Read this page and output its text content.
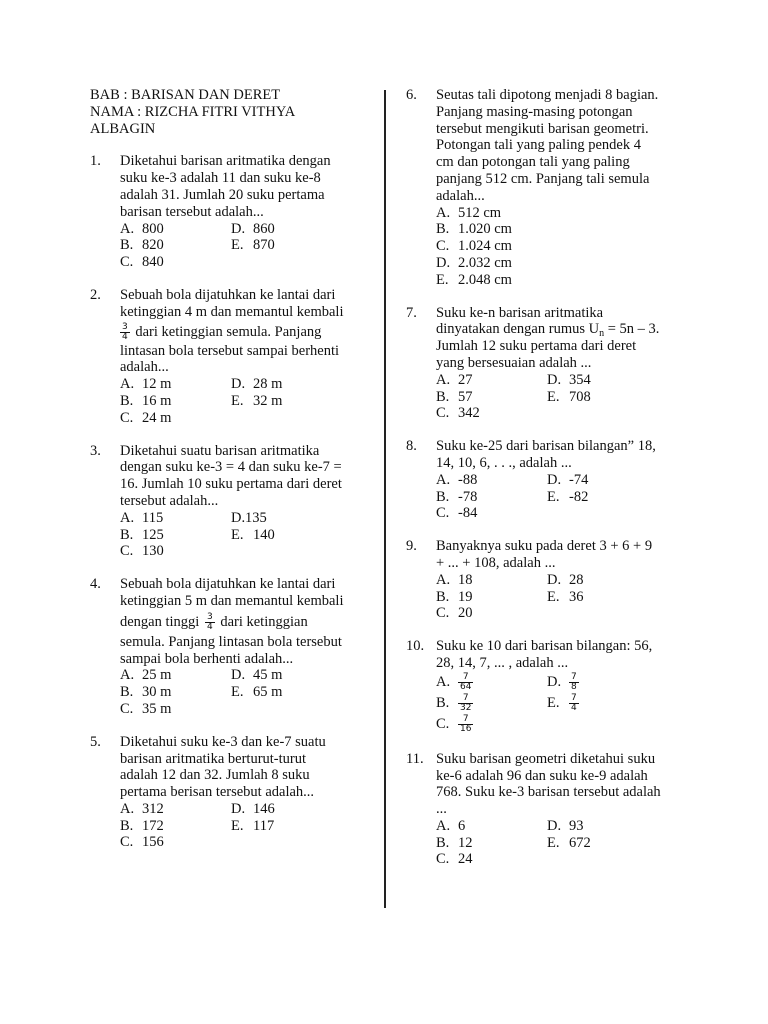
BAB : BARISAN DAN DERET
NAMA : RIZCHA FITRI VITHYA
ALBAGIN
1. Diketahui barisan aritmatika dengan
suku ke-3 adalah 11 dan suku ke-8
adalah 31. Jumlah 20 suku pertama
barisan tersebut adalah...
A. 800	D. 860
B. 820	E. 870
C. 840
2. Sebuah bola dijatuhkan ke lantai dari
ketinggian 4 m dan memantul kembali
$\frac{3}{4}$ dari ketinggian semula. Panjang
lintasan bola tersebut sampai berhenti
adalah...
A. 12 m	D. 28 m
B. 16 m	E. 32 m
C. 24 m
3. Diketahui suatu barisan aritmatika
dengan suku ke-3 = 4 dan suku ke-7 =
16. Jumlah 10 suku pertama dari deret
tersebut adalah...
A. 115	D. 135
B. 125	E. 140
C. 130
4. Sebuah bola dijatuhkan ke lantai dari
ketinggian 5 m dan memantul kembali
dengan tinggi $\frac{3}{4}$ dari ketinggian
semula. Panjang lintasan bola tersebut
sampai bola berhenti adalah...
A. 25 m	D. 45 m
B. 30 m	E. 65 m
C. 35 m
5. Diketahui suku ke-3 dan ke-7 suatu
barisan aritmatika berturut-turut
adalah 12 dan 32. Jumlah 8 suku
pertama berisan tersebut adalah...
A. 312	D. 146
B. 172	E. 117
C. 156
6. Seutas tali dipotong menjadi 8 bagian.
Panjang masing-masing potongan
tersebut mengikuti barisan geometri.
Potongan tali yang paling pendek 4
cm dan potongan tali yang paling
panjang 512 cm. Panjang tali semula
adalah...
A. 512 cm
B. 1.020 cm
C. 1.024 cm
D. 2.032 cm
E. 2.048 cm
7. Suku ke-n barisan aritmatika
dinyatakan dengan rumus $U_n = 5n - 3$.
Jumlah 12 suku pertama dari deret
yang bersesuaian adalah ...
A. 27	D. 354
B. 57	E. 708
C. 342
8. Suku ke-25 dari barisan bilangan” 18,
14, 10, 6, . . ., adalah ...
A. -88	D. -74
B. -78	E. -82
C. -84
9. Banyaknya suku pada deret 3 + 6 + 9
+ ... + 108, adalah ...
A. 18	D. 28
B. 19	E. 36
C. 20
10. Suku ke 10 dari barisan bilangan: 56,
28, 14, 7, ... , adalah ...
A. $\frac{7}{64}$	D. $\frac{7}{8}$
B. $\frac{7}{32}$	E.	$\frac{7}{4}$
C. $\frac{7}{16}$
11. Suku barisan geometri diketahui suku
ke-6 adalah 96 dan suku ke-9 adalah
768. Suku ke-3 barisan tersebut adalah
...
A. 6	D. 93
B. 12	E. 672
C. 24
